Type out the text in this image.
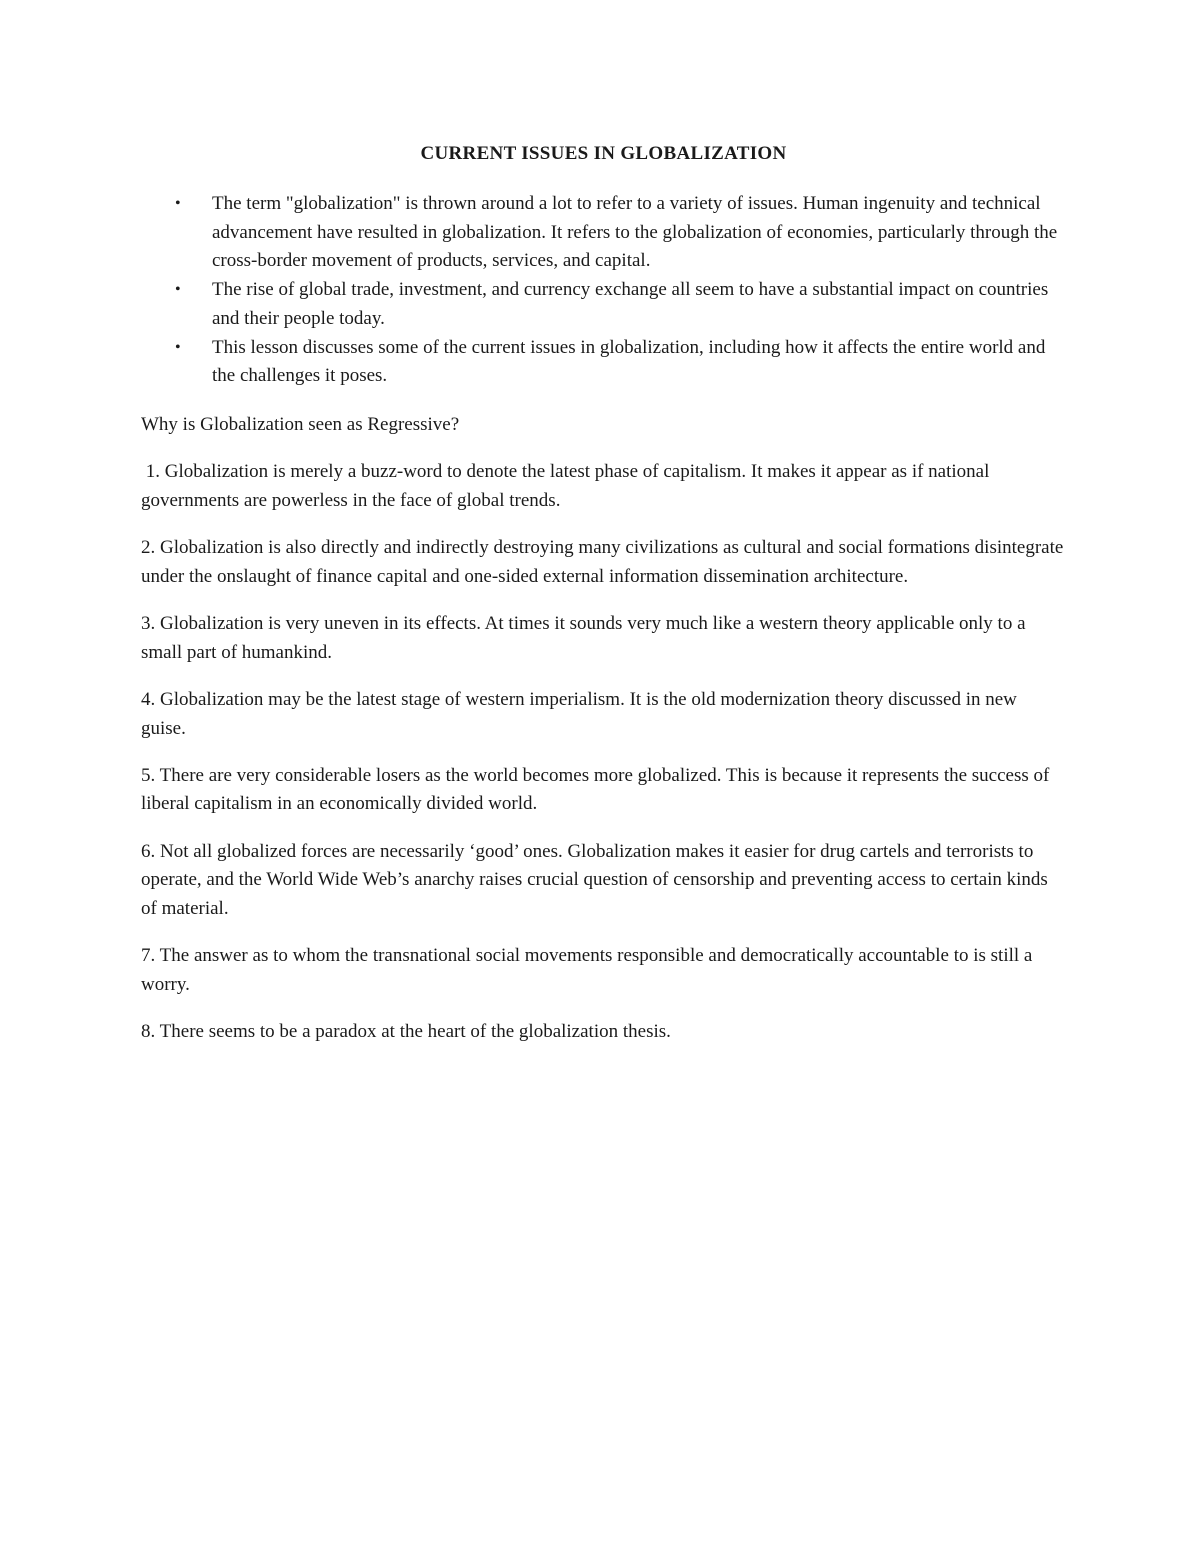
CURRENT ISSUES IN GLOBALIZATION
• The term "globalization" is thrown around a lot to refer to a variety of issues. Human ingenuity and technical advancement have resulted in globalization. It refers to the globalization of economies, particularly through the cross-border movement of products, services, and capital.
• The rise of global trade, investment, and currency exchange all seem to have a substantial impact on countries and their people today.
• This lesson discusses some of the current issues in globalization, including how it affects the entire world and the challenges it poses.

Why is Globalization seen as Regressive?

1. Globalization is merely a buzz-word to denote the latest phase of capitalism. It makes it appear as if national governments are powerless in the face of global trends.

2. Globalization is also directly and indirectly destroying many civilizations as cultural and social formations disintegrate under the onslaught of finance capital and one-sided external information dissemination architecture.

3. Globalization is very uneven in its effects. At times it sounds very much like a western theory applicable only to a small part of humankind.

4. Globalization may be the latest stage of western imperialism. It is the old modernization theory discussed in new guise.

5. There are very considerable losers as the world becomes more globalized. This is because it represents the success of liberal capitalism in an economically divided world.

6. Not all globalized forces are necessarily ‘good’ ones. Globalization makes it easier for drug cartels and terrorists to operate, and the World Wide Web’s anarchy raises crucial question of censorship and preventing access to certain kinds of material.

7. The answer as to whom the transnational social movements responsible and democratically accountable to is still a worry.

8. There seems to be a paradox at the heart of the globalization thesis.
